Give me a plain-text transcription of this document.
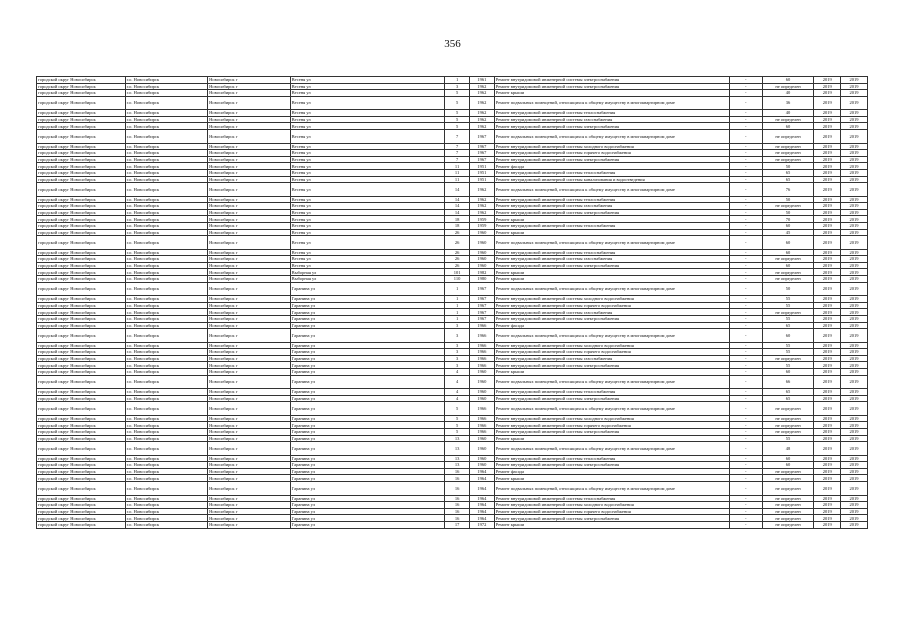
356
городской округ Новосибирск	г.о. Новосибирск	Новосибирск г	Весеня ул	1	1961	Ремонт внутридомовой инженерной системы электроснабжения	-	60	2019	2019
городской округ Новосибирск	г.о. Новосибирск	Новосибирск г	Весеня ул	3	1962	Ремонт внутридомовой инженерной системы электроснабжения	-	не определен	2019	2019
городской округ Новосибирск	г.о. Новосибирск	Новосибирск г	Весеня ул	5	1962	Ремонт крыши	-	40	2019	2019
городской округ Новосибирск	г.о. Новосибирск	Новосибирск г	Весеня ул	5	1962	Ремонт подвальных помещений, относящихся к общему имуществу в многоквартирном доме	-	36	2019	2019
городской округ Новосибирск	г.о. Новосибирск	Новосибирск г	Весеня ул	5	1962	Ремонт внутридомовой инженерной системы теплоснабжения	-	40	2019	2019
городской округ Новосибирск	г.о. Новосибирск	Новосибирск г	Весеня ул	5	1962	Ремонт внутридомовой инженерной системы газоснабжения	-	не определен	2019	2019
городской округ Новосибирск	г.о. Новосибирск	Новосибирск г	Весеня ул	5	1962	Ремонт внутридомовой инженерной системы электроснабжения	-	60	2019	2019
городской округ Новосибирск	г.о. Новосибирск	Новосибирск г	Весеня ул	7	1967	Ремонт подвальных помещений, относящихся к общему имуществу в многоквартирном доме	-	не определен	2019	2019
городской округ Новосибирск	г.о. Новосибирск	Новосибирск г	Весеня ул	7	1967	Ремонт внутридомовой инженерной системы холодного водоснабжения	-	не определен	2019	2019
городской округ Новосибирск	г.о. Новосибирск	Новосибирск г	Весеня ул	7	1967	Ремонт внутридомовой инженерной системы горячего водоснабжения	-	не определен	2019	2019
городской округ Новосибирск	г.о. Новосибирск	Новосибирск г	Весеня ул	7	1967	Ремонт внутридомовой инженерной системы электроснабжения	-	не определен	2019	2019
городской округ Новосибирск	г.о. Новосибирск	Новосибирск г	Весеня ул	11	1951	Ремонт фасада	-	50	2019	2019
городской округ Новосибирск	г.о. Новосибирск	Новосибирск г	Весеня ул	11	1951	Ремонт внутридомовой инженерной системы теплоснабжения	-	65	2019	2019
городской округ Новосибирск	г.о. Новосибирск	Новосибирск г	Весеня ул	11	1951	Ремонт внутридомовой инженерной системы канализования и водоотведения	-	65	2019	2019
городской округ Новосибирск	г.о. Новосибирск	Новосибирск г	Весеня ул	14	1962	Ремонт подвальных помещений, относящихся к общему имуществу в многоквартирном доме	-	76	2019	2019
городской округ Новосибирск	г.о. Новосибирск	Новосибирск г	Весеня ул	14	1962	Ремонт внутридомовой инженерной системы теплоснабжения	-	50	2019	2019
городской округ Новосибирск	г.о. Новосибирск	Новосибирск г	Весеня ул	14	1962	Ремонт внутридомовой инженерной системы газоснабжения	-	не определен	2019	2019
городской округ Новосибирск	г.о. Новосибирск	Новосибирск г	Весеня ул	14	1962	Ремонт внутридомовой инженерной системы электроснабжения	-	50	2019	2019
городской округ Новосибирск	г.о. Новосибирск	Новосибирск г	Весеня ул	18	1959	Ремонт крыши	-	70	2019	2019
городской округ Новосибирск	г.о. Новосибирск	Новосибирск г	Весеня ул	18	1959	Ремонт внутридомовой инженерной системы теплоснабжения	-	60	2019	2019
городской округ Новосибирск	г.о. Новосибирск	Новосибирск г	Весеня ул	26	1960	Ремонт крыши	-	45	2019	2019
городской округ Новосибирск	г.о. Новосибирск	Новосибирск г	Весеня ул	26	1960	Ремонт подвальных помещений, относящихся к общему имуществу в многоквартирном доме	-	60	2019	2019
городской округ Новосибирск	г.о. Новосибирск	Новосибирск г	Весеня ул	26	1960	Ремонт внутридомовой инженерной системы теплоснабжения	-	60	2019	2019
городской округ Новосибирск	г.о. Новосибирск	Новосибирск г	Весеня ул	26	1960	Ремонт внутридомовой инженерной системы газоснабжения	-	не определен	2019	2019
городской округ Новосибирск	г.о. Новосибирск	Новосибирск г	Весеня ул	26	1960	Ремонт внутридомовой инженерной системы электроснабжения	-	60	2019	2019
городской округ Новосибирск	г.о. Новосибирск	Новосибирск г	Выборная ул	101	1982	Ремонт крыши	-	не определен	2019	2019
городской округ Новосибирск	г.о. Новосибирск	Новосибирск г	Выборная ул	110	1980	Ремонт крыши	-	не определен	2019	2019
городской округ Новосибирск	г.о. Новосибирск	Новосибирск г	Гаранина ул	1	1967	Ремонт подвальных помещений, относящихся к общему имуществу в многоквартирном доме	-	50	2019	2019
городской округ Новосибирск	г.о. Новосибирск	Новосибирск г	Гаранина ул	1	1967	Ремонт внутридомовой инженерной системы холодного водоснабжения	-	55	2019	2019
городской округ Новосибирск	г.о. Новосибирск	Новосибирск г	Гаранина ул	1	1967	Ремонт внутридомовой инженерной системы горячего водоснабжения	-	55	2019	2019
городской округ Новосибирск	г.о. Новосибирск	Новосибирск г	Гаранина ул	1	1967	Ремонт внутридомовой инженерной системы газоснабжения	-	не определен	2019	2019
городской округ Новосибирск	г.о. Новосибирск	Новосибирск г	Гаранина ул	1	1967	Ремонт внутридомовой инженерной системы электроснабжения	-	55	2019	2019
городской округ Новосибирск	г.о. Новосибирск	Новосибирск г	Гаранина ул	3	1966	Ремонт фасада	-	65	2019	2019
городской округ Новосибирск	г.о. Новосибирск	Новосибирск г	Гаранина ул	3	1966	Ремонт подвальных помещений, относящихся к общему имуществу в многоквартирном доме	-	60	2019	2019
городской округ Новосибирск	г.о. Новосибирск	Новосибирск г	Гаранина ул	3	1966	Ремонт внутридомовой инженерной системы холодного водоснабжения	-	55	2019	2019
городской округ Новосибирск	г.о. Новосибирск	Новосибирск г	Гаранина ул	3	1966	Ремонт внутридомовой инженерной системы горячего водоснабжения	-	55	2019	2019
городской округ Новосибирск	г.о. Новосибирск	Новосибирск г	Гаранина ул	3	1966	Ремонт внутридомовой инженерной системы газоснабжения	-	не определен	2019	2019
городской округ Новосибирск	г.о. Новосибирск	Новосибирск г	Гаранина ул	3	1966	Ремонт внутридомовой инженерной системы электроснабжения	-	55	2019	2019
городской округ Новосибирск	г.о. Новосибирск	Новосибирск г	Гаранина ул	4	1960	Ремонт крыши	-	60	2019	2019
городской округ Новосибирск	г.о. Новосибирск	Новосибирск г	Гаранина ул	4	1960	Ремонт подвальных помещений, относящихся к общему имуществу в многоквартирном доме	-	66	2019	2019
городской округ Новосибирск	г.о. Новосибирск	Новосибирск г	Гаранина ул	4	1960	Ремонт внутридомовой инженерной системы теплоснабжения	-	65	2019	2019
городской округ Новосибирск	г.о. Новосибирск	Новосибирск г	Гаранина ул	4	1960	Ремонт внутридомовой инженерной системы электроснабжения	-	65	2019	2019
городской округ Новосибирск	г.о. Новосибирск	Новосибирск г	Гаранина ул	5	1966	Ремонт подвальных помещений, относящихся к общему имуществу в многоквартирном доме	-	не определен	2019	2019
городской округ Новосибирск	г.о. Новосибирск	Новосибирск г	Гаранина ул	5	1966	Ремонт внутридомовой инженерной системы холодного водоснабжения	-	не определен	2019	2019
городской округ Новосибирск	г.о. Новосибирск	Новосибирск г	Гаранина ул	5	1966	Ремонт внутридомовой инженерной системы горячего водоснабжения	-	не определен	2019	2019
городской округ Новосибирск	г.о. Новосибирск	Новосибирск г	Гаранина ул	5	1966	Ремонт внутридомовой инженерной системы электроснабжения	-	не определен	2019	2019
городской округ Новосибирск	г.о. Новосибирск	Новосибирск г	Гаранина ул	13	1960	Ремонт крыши	-	55	2019	2019
городской округ Новосибирск	г.о. Новосибирск	Новосибирск г	Гаранина ул	13	1960	Ремонт подвальных помещений, относящихся к общему имуществу в многоквартирном доме	-	48	2019	2019
городской округ Новосибирск	г.о. Новосибирск	Новосибирск г	Гаранина ул	13	1960	Ремонт внутридомовой инженерной системы теплоснабжения	-	60	2019	2019
городской округ Новосибирск	г.о. Новосибирск	Новосибирск г	Гаранина ул	13	1960	Ремонт внутридомовой инженерной системы электроснабжения	-	60	2019	2019
городской округ Новосибирск	г.о. Новосибирск	Новосибирск г	Гаранина ул	16	1964	Ремонт фасада	-	не определен	2019	2019
городской округ Новосибирск	г.о. Новосибирск	Новосибирск г	Гаранина ул	16	1964	Ремонт крыши	-	не определен	2019	2019
городской округ Новосибирск	г.о. Новосибирск	Новосибирск г	Гаранина ул	16	1964	Ремонт подвальных помещений, относящихся к общему имуществу в многоквартирном доме	-	не определен	2019	2019
городской округ Новосибирск	г.о. Новосибирск	Новосибирск г	Гаранина ул	16	1964	Ремонт внутридомовой инженерной системы теплоснабжения	-	не определен	2019	2019
городской округ Новосибирск	г.о. Новосибирск	Новосибирск г	Гаранина ул	16	1964	Ремонт внутридомовой инженерной системы холодного водоснабжения	-	не определен	2019	2019
городской округ Новосибирск	г.о. Новосибирск	Новосибирск г	Гаранина ул	16	1964	Ремонт внутридомовой инженерной системы горячего водоснабжения	-	не определен	2019	2019
городской округ Новосибирск	г.о. Новосибирск	Новосибирск г	Гаранина ул	16	1964	Ремонт внутридомовой инженерной системы электроснабжения	-	не определен	2019	2019
городской округ Новосибирск	г.о. Новосибирск	Новосибирск г	Гаранина ул	17	1972	Ремонт крыши	-	не определен	2019	2019
